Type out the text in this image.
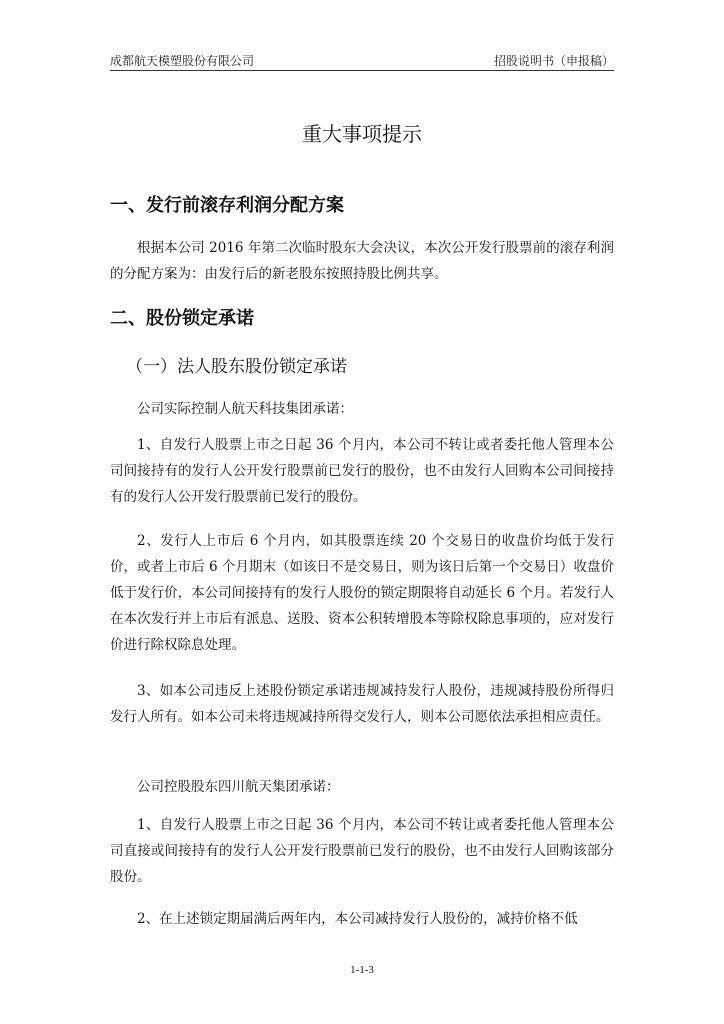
成都航天模塑股份有限公司	招股说明书（申报稿）
重大事项提示
一、发行前滚存利润分配方案
根据本公司 2016 年第二次临时股东大会决议，本次公开发行股票前的滚存利润的分配方案为：由发行后的新老股东按照持股比例共享。
二、股份锁定承诺
（一）法人股东股份锁定承诺
公司实际控制人航天科技集团承诺：
1、自发行人股票上市之日起 36 个月内，本公司不转让或者委托他人管理本公司间接持有的发行人公开发行股票前已发行的股份，也不由发行人回购本公司间接持有的发行人公开发行股票前已发行的股份。
2、发行人上市后 6 个月内，如其股票连续 20 个交易日的收盘价均低于发行价，或者上市后 6 个月期末（如该日不是交易日，则为该日后第一个交易日）收盘价低于发行价，本公司间接持有的发行人股份的锁定期限将自动延长 6 个月。若发行人在本次发行并上市后有派息、送股、资本公积转增股本等除权除息事项的，应对发行价进行除权除息处理。
3、如本公司违反上述股份锁定承诺违规减持发行人股份，违规减持股份所得归发行人所有。如本公司未将违规减持所得交发行人，则本公司愿依法承担相应责任。
公司控股股东四川航天集团承诺：
1、自发行人股票上市之日起 36 个月内，本公司不转让或者委托他人管理本公司直接或间接持有的发行人公开发行股票前已发行的股份，也不由发行人回购该部分股份。
2、在上述锁定期届满后两年内，本公司减持发行人股份的，减持价格不低
1-1-3
